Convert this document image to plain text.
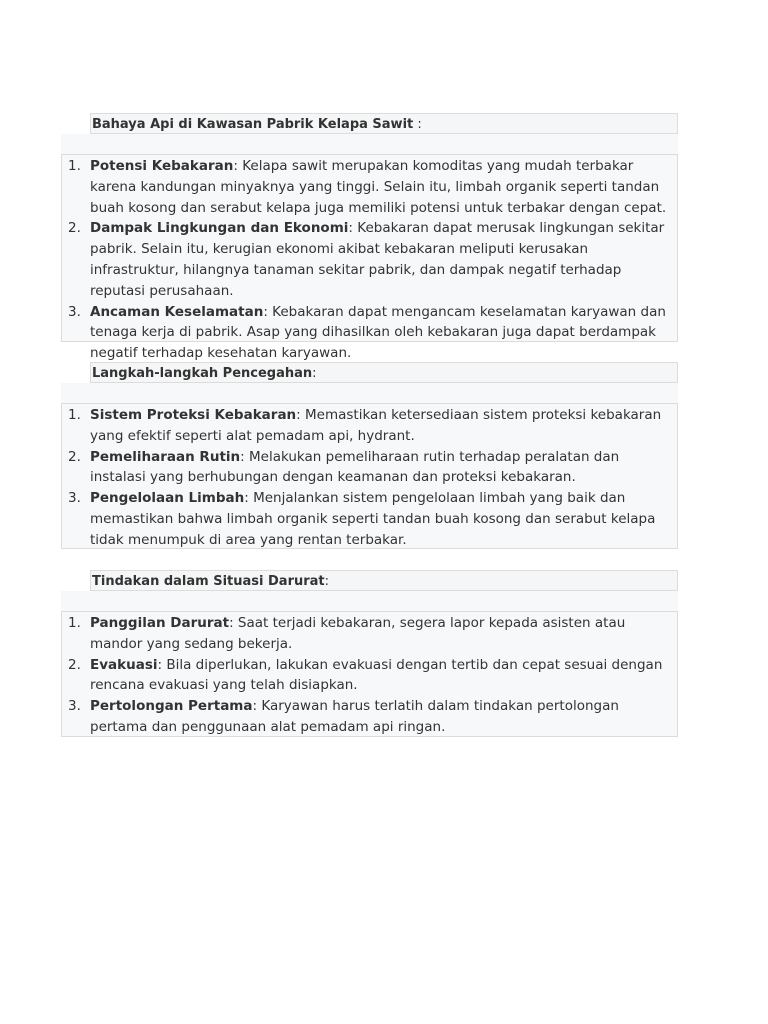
Bahaya Api di Kawasan Pabrik Kelapa Sawit :
1. Potensi Kebakaran: Kelapa sawit merupakan komoditas yang mudah terbakar karena kandungan minyaknya yang tinggi. Selain itu, limbah organik seperti tandan buah kosong dan serabut kelapa juga memiliki potensi untuk terbakar dengan cepat.
2. Dampak Lingkungan dan Ekonomi: Kebakaran dapat merusak lingkungan sekitar pabrik. Selain itu, kerugian ekonomi akibat kebakaran meliputi kerusakan infrastruktur, hilangnya tanaman sekitar pabrik, dan dampak negatif terhadap reputasi perusahaan.
3. Ancaman Keselamatan: Kebakaran dapat mengancam keselamatan karyawan dan tenaga kerja di pabrik. Asap yang dihasilkan oleh kebakaran juga dapat berdampak negatif terhadap kesehatan karyawan.
Langkah-langkah Pencegahan:
1. Sistem Proteksi Kebakaran: Memastikan ketersediaan sistem proteksi kebakaran yang efektif seperti alat pemadam api, hydrant.
2. Pemeliharaan Rutin: Melakukan pemeliharaan rutin terhadap peralatan dan instalasi yang berhubungan dengan keamanan dan proteksi kebakaran.
3. Pengelolaan Limbah: Menjalankan sistem pengelolaan limbah yang baik dan memastikan bahwa limbah organik seperti tandan buah kosong dan serabut kelapa tidak menumpuk di area yang rentan terbakar.
Tindakan dalam Situasi Darurat:
1. Panggilan Darurat: Saat terjadi kebakaran, segera lapor kepada asisten atau mandor yang sedang bekerja.
2. Evakuasi: Bila diperlukan, lakukan evakuasi dengan tertib dan cepat sesuai dengan rencana evakuasi yang telah disiapkan.
3. Pertolongan Pertama: Karyawan harus terlatih dalam tindakan pertolongan pertama dan penggunaan alat pemadam api ringan.
